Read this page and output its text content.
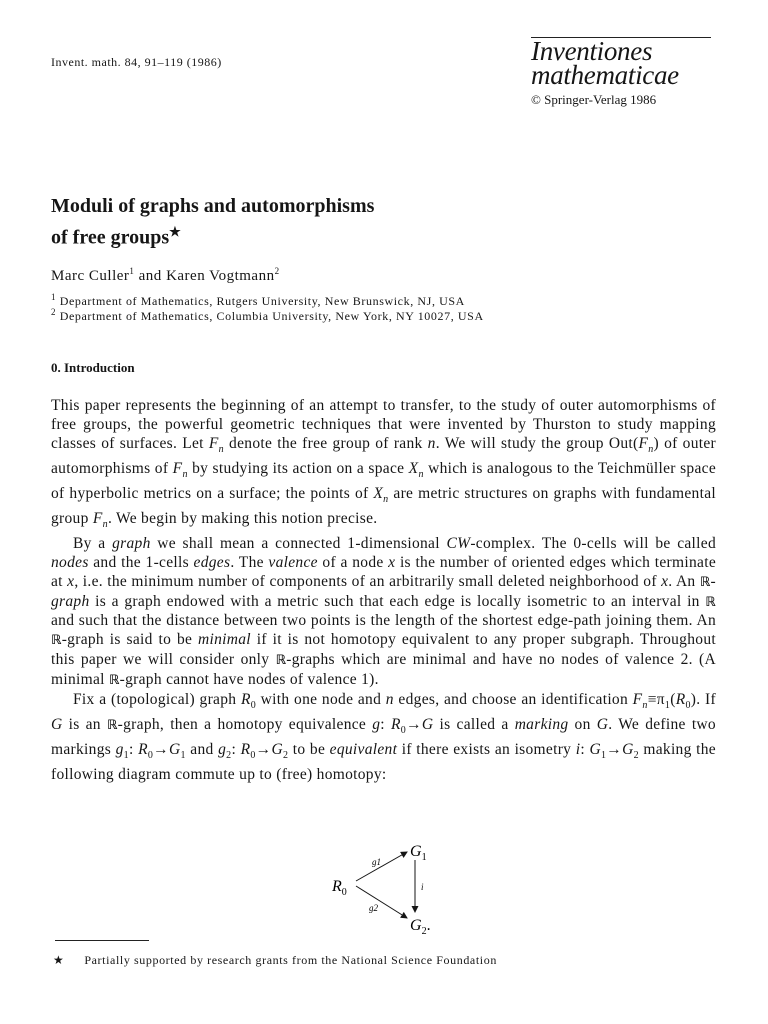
Invent. math. 84, 91–119 (1986)	Inventiones
mathematicae
© Springer-Verlag 1986
Moduli of graphs and automorphisms
of free groups★
Marc Culler$^1$ and Karen Vogtmann$^2$
$^1$ Department of Mathematics, Rutgers University, New Brunswick, NJ, USA
$^2$ Department of Mathematics, Columbia University, New York, NY 10027, USA
0. Introduction

This paper represents the beginning of an attempt to transfer, to the study of outer automorphisms of free groups, the powerful geometric techniques that were invented by Thurston to study mapping classes of surfaces. Let $F_n$ denote the free group of rank n. We will study the group $Out(F_n)$ of outer automorphisms of $F_n$ by studying its action on a space $X_n$ which is analogous to the Teichmüller space of hyperbolic metrics on a surface; the points of $X_n$ are metric structures on graphs with fundamental group $F_n$. We begin by making this notion precise.

By a graph we shall mean a connected 1-dimensional CW-complex. The 0-cells will be called nodes and the 1-cells edges. The valence of a node x is the number of oriented edges which terminate at x, i.e. the minimum number of components of an arbitrarily small deleted neighborhood of x. An ℝ-graph is a graph endowed with a metric such that each edge is locally isometric to an interval in ℝ and such that the distance between two points is the length of the shortest edge-path joining them. An ℝ-graph is said to be minimal if it is not homotopy equivalent to any proper subgraph. Throughout this paper we will consider only ℝ-graphs which are minimal and have no nodes of valence 2. (A minimal ℝ-graph cannot have nodes of valence 1).

Fix a (topological) graph $R_0$ with one node and n edges, and choose an identification $F_n\equiv\pi_1(R_0)$. If G is an ℝ-graph, then a homotopy equivalence g: $R_0\to G$ is called a marking on G. We define two markings $g_1$: $R_0\to G_1$ and $g_2$: $R_0\to G_2$ to be equivalent if there exists an isometry i: $G_1\to G_2$ making the following diagram commute up to (free) homotopy:

$R_0$
$G_1$
$G_2$.
g1
g2
i
★ Partially supported by research grants from the National Science Foundation
